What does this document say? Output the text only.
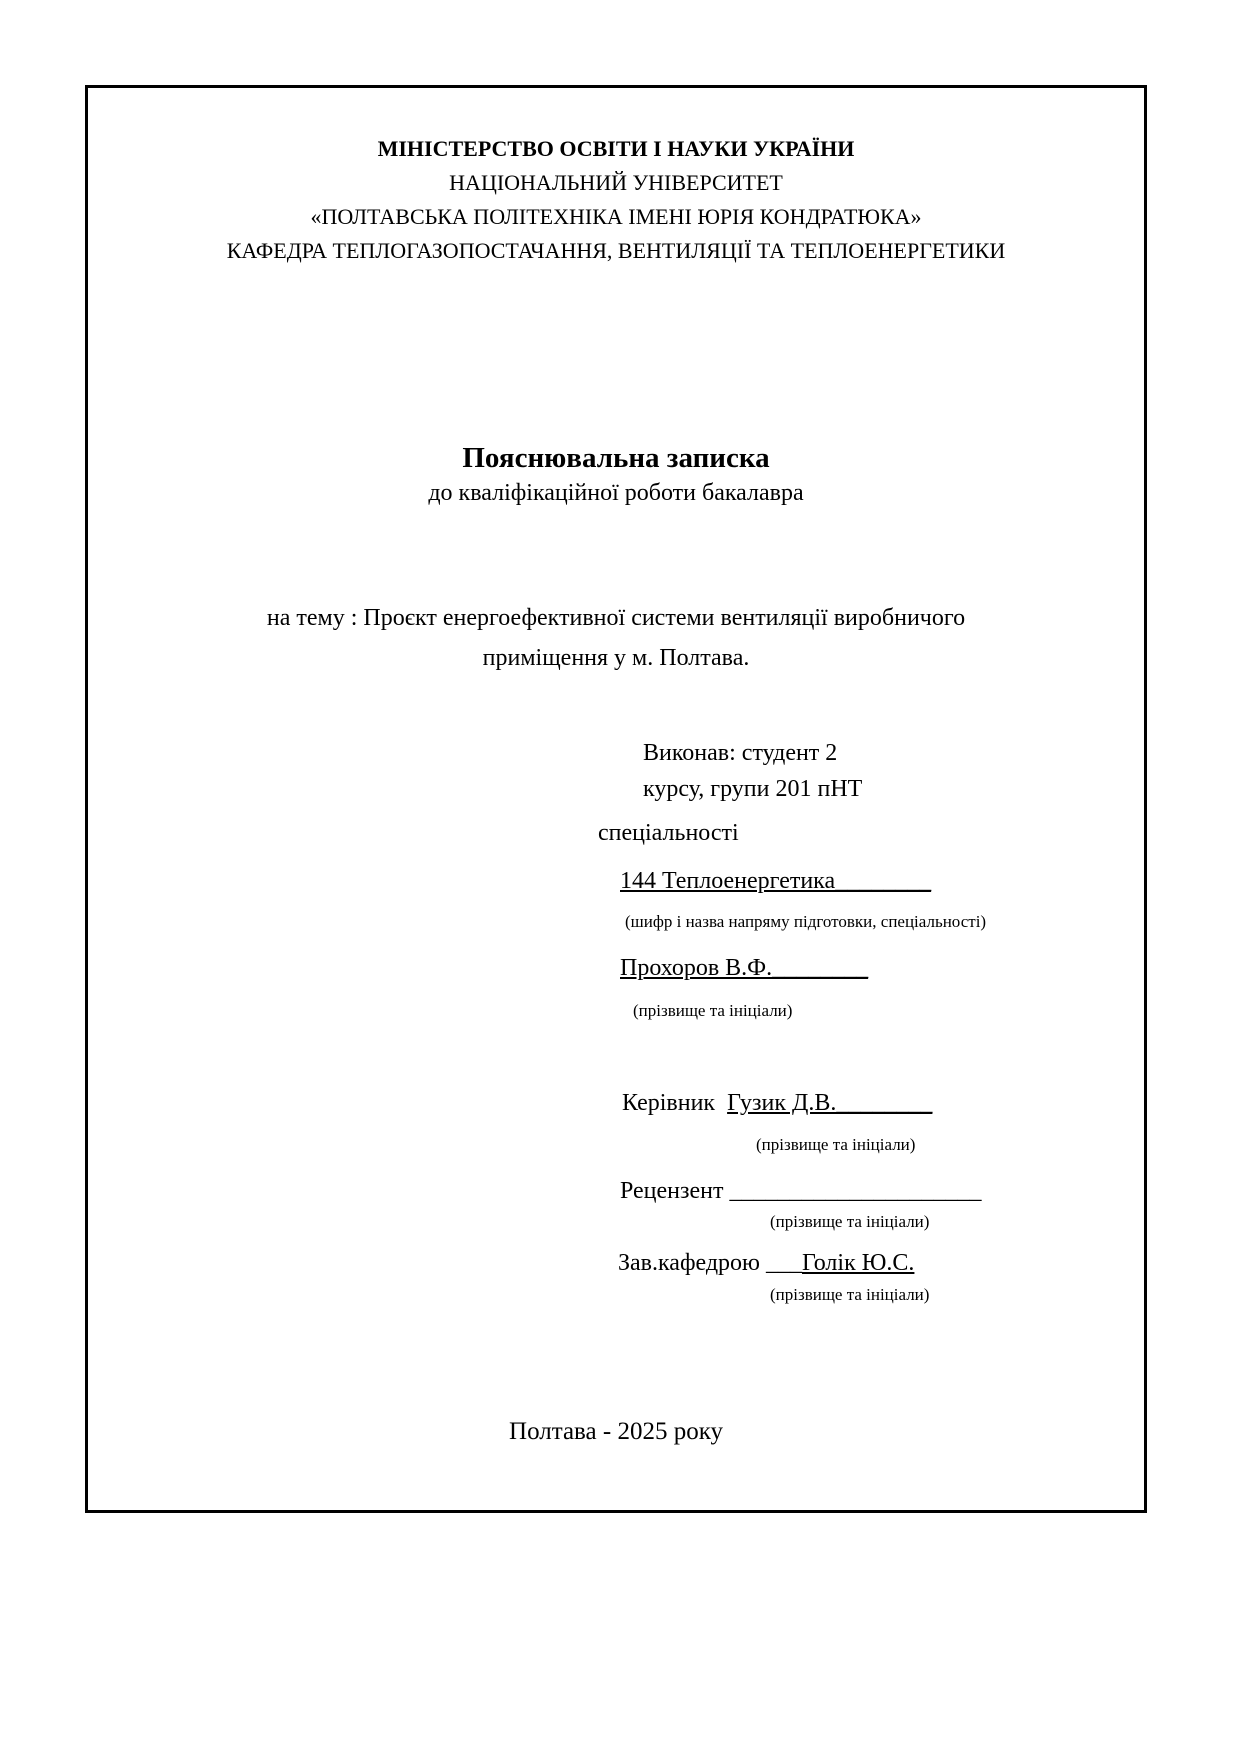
МІНІСТЕРСТВО ОСВІТИ І НАУКИ УКРАЇНИ
НАЦІОНАЛЬНИЙ УНІВЕРСИТЕТ
«ПОЛТАВСЬКА ПОЛІТЕХНІКА ІМЕНІ ЮРІЯ КОНДРАТЮКА»
КАФЕДРА ТЕПЛОГАЗОПОСТАЧАННЯ, ВЕНТИЛЯЦІЇ ТА ТЕПЛОЕНЕРГЕТИКИ
Пояснювальна записка
до кваліфікаційної роботи бакалавра
на тему : Проєкт енергоефективної системи вентиляції виробничого
приміщення у м. Полтава.
Виконав: студент 2
курсу, групи 201 пНТ
спеціальності
144 Теплоенергетика________
(шифр і назва напряму підготовки, спеціальності)
Прохоров В.Ф.________
(прізвище та ініціали)
Керівник Гузик Д.В.________
(прізвище та ініціали)
Рецензент _____________________
(прізвище та ініціали)
Зав.кафедрою ___Голік Ю.С.
(прізвище та ініціали)
Полтава - 2025 року
